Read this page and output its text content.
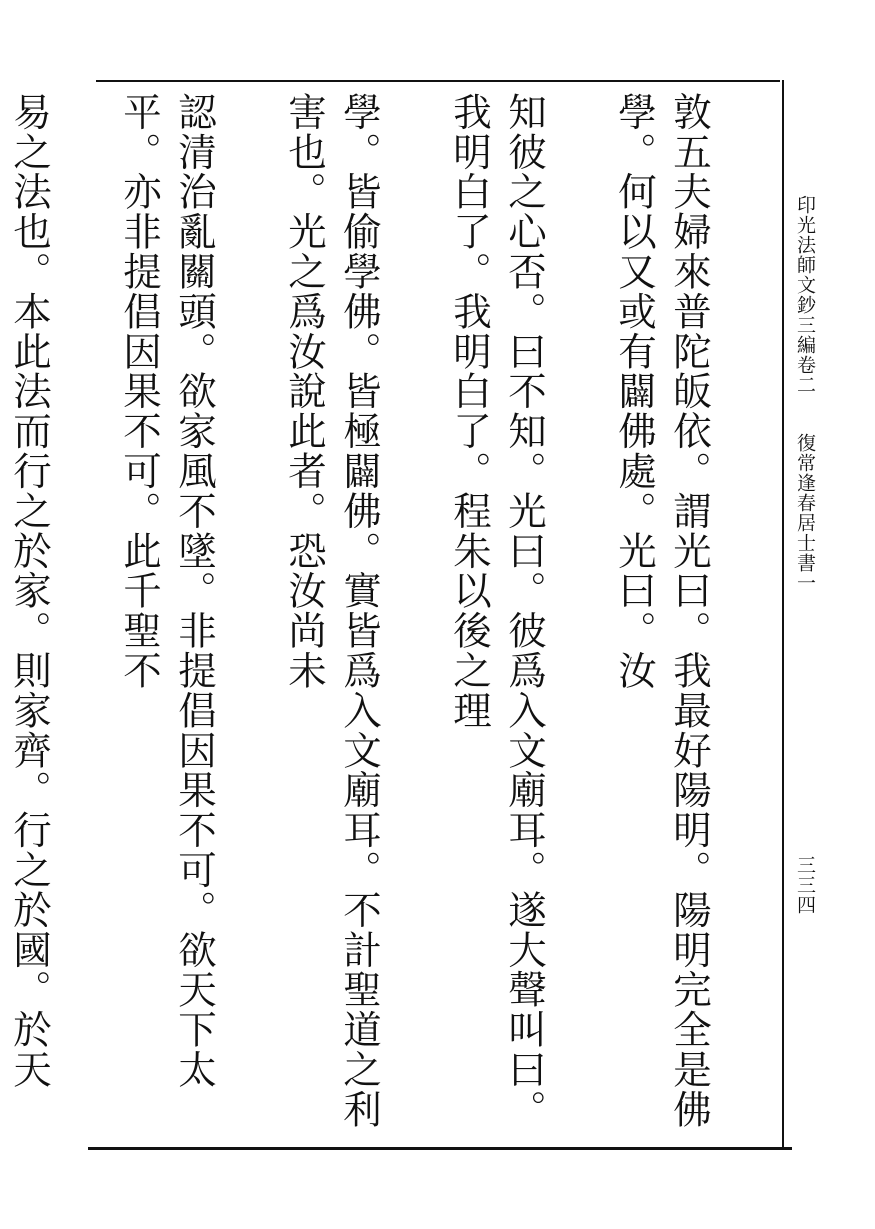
印光法師文鈔三編卷二
復常逢春居士書一
三三四

敦五夫婦來普陀皈依。謂光曰。我最好陽明。陽明完全是佛學。何以又或有闢佛處。光曰。汝

知彼之心否。曰不知。光曰。彼爲入文廟耳。遂大聲叫曰。我明白了。我明白了。程朱以後之理

學。皆偷學佛。皆極闢佛。實皆爲入文廟耳。不計聖道之利害也。光之爲汝說此者。恐汝尚未

認清治亂關頭。欲家風不墜。非提倡因果不可。欲天下太平。亦非提倡因果不可。此千聖不

易之法也。本此法而行之於家。則家齊。行之於國。於天
